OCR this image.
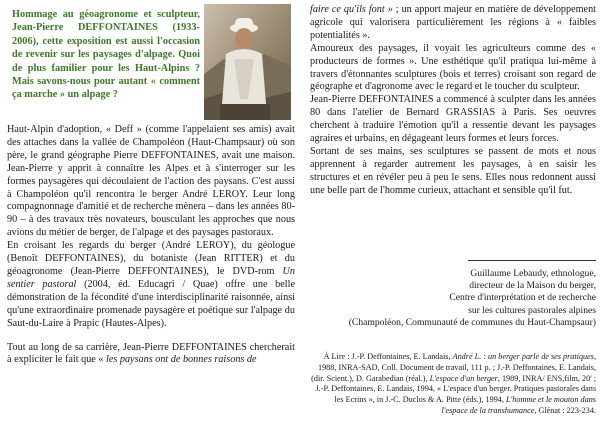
Hommage au géoagronome et sculpteur, Jean-Pierre DEFFONTAINES (1933-2006), cette exposition est aussi l'occasion de revenir sur les paysages d'alpage. Quoi de plus familier pour les Haut-Alpins ? Mais savons-nous pour autant « comment ça marche » un alpage ?

Haut-Alpin d'adoption, « Deff » (comme l'appelaient ses amis) avait des attaches dans la vallée de Champoléon (Haut-Champsaur) où son père, le grand géographe Pierre DEFFONTAINES, avait une maison. Jean-Pierre y apprit à connaître les Alpes et à s'interroger sur les formes paysagères qui découlaient de l'action des paysans. C'est aussi à Champoléon qu'il rencontra le berger André LEROY. Leur long compagnonnage d'amitié et de recherche mènera – dans les années 80-90 – à des travaux très novateurs, bousculant les approches que nous avions du métier de berger, de l'alpage et des paysages pastoraux.

En croisant les regards du berger (André LEROY), du géologue (Benoît DEFFONTAINES), du botaniste (Jean RITTER) et du géoagronome (Jean-Pierre DEFFONTAINES), le DVD-rom Un sentier pastoral (2004, éd. Educagri / Quae) offre une belle démonstration de la fécondité d'une interdisciplinarité raisonnée, ainsi qu'une extraordinaire promenade paysagère et poétique sur l'alpage du Saut-du-Laire à Prapic (Hautes-Alpes).

Tout au long de sa carrière, Jean-Pierre DEFFONTAINES chercherait à expliciter le fait que « les paysans ont de bonnes raisons de

faire ce qu'ils font » ; un apport majeur en matière de développement agricole qui valorisera particulièrement les régions à « faibles potentialités ».

Amoureux des paysages, il voyait les agriculteurs comme des « producteurs de formes ». Une esthétique qu'il pratiqua lui-même à travers d'étonnantes sculptures (bois et terres) croisant son regard de géographe et d'agronome avec le regard et le toucher du sculpteur.

Jean-Pierre DEFFONTAINES a commencé à sculpter dans les années 80 dans l'atelier de Bernard GRASSIAS à Paris. Ses oeuvres cherchent à traduire l'émotion qu'il a ressentie devant les paysages agraires et urbains, en dégageant leurs formes et leurs forces.

Sortant de ses mains, ses sculptures se passent de mots et nous apprennent à regarder autrement les paysages, à en saisir les structures et en révéler peu à peu le sens. Elles nous redonnent aussi une belle part de l'homme curieux, attachant et sensible qu'il fut.

Guillaume Lebaudy, ethnologue,
directeur de la Maison du berger,
Centre d'interprétation et de recherche
sur les cultures pastorales alpines
(Champoléon, Communauté de communes du Haut-Champsaur)

À Lire : J.-P. Deffontaines, E. Landais, André L. : un berger parle de ses pratiques, 1988, INRA-SAD, Coll. Document de travail, 111 p. ; J.-P. Deffontaines, E. Landais, (dir. Scient.), D. Garabedian (réal.), L'espace d'un berger, 1989, INRA/ ENS,film, 20' ; J.-P. Deffontaines, E. Landais, 1994, « L'espace d'un berger. Pratiques pastorales dans les Ecrins », in J.-C. Duclos & A. Pitte (éds.), 1994, L'homme et le mouton dans l'espace de la transhumance, Glénat : 223-234.
